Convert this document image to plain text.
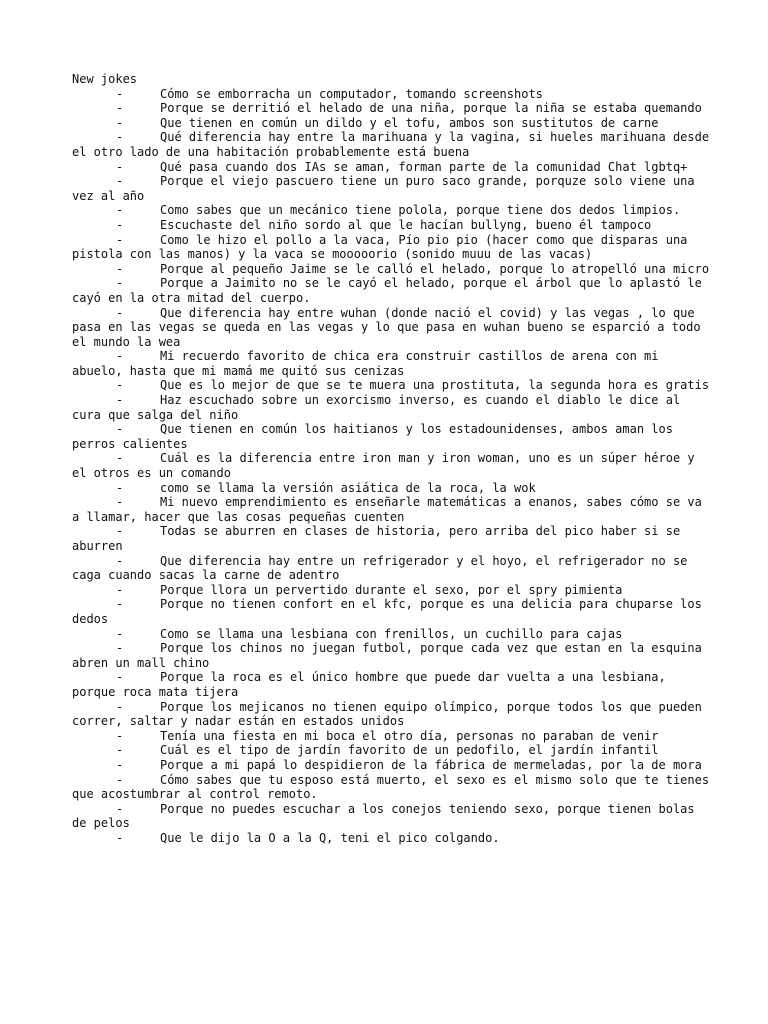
New jokes
-	Cómo se emborracha un computador, tomando screenshots
-	Porque se derritió el helado de una niña, porque la niña se estaba quemando
-	Que tienen en común un dildo y el tofu, ambos son sustitutos de carne
-	Qué diferencia hay entre la marihuana y la vagina, si hueles marihuana desde el otro lado de una habitación probablemente está buena
-	Qué pasa cuando dos IAs se aman, forman parte de la comunidad Chat lgbtq+
-	Porque el viejo pascuero tiene un puro saco grande, porquze solo viene una vez al año
-	Como sabes que un mecánico tiene polola, porque tiene dos dedos limpios.
-	Escuchaste del niño sordo al que le hacían bullyng, bueno él tampoco
-	Como le hizo el pollo a la vaca, Pío pio pio (hacer como que disparas una pistola con las manos) y la vaca se mooooorio (sonido muuu de las vacas)
-	Porque al pequeño Jaime se le calló el helado, porque lo atropelló una micro
-	Porque a Jaimito no se le cayó el helado, porque el árbol que lo aplastó le cayó en la otra mitad del cuerpo.
-	Que diferencia hay entre wuhan (donde nació el covid) y las vegas , lo que pasa en las vegas se queda en las vegas y lo que pasa en wuhan bueno se esparció a todo el mundo la wea
-	Mi recuerdo favorito de chica era construir castillos de arena con mi abuelo, hasta que mi mamá me quitó sus cenizas
-	Que es lo mejor de que se te muera una prostituta, la segunda hora es gratis
-	Haz escuchado sobre un exorcismo inverso, es cuando el diablo le dice al cura que salga del niño
-	Que tienen en común los haitianos y los estadounidenses, ambos aman los perros calientes
-	Cuál es la diferencia entre iron man y iron woman, uno es un súper héroe y el otros es un comando
-	como se llama la versión asiática de la roca, la wok
-	Mi nuevo emprendimiento es enseñarle matemáticas a enanos, sabes cómo se va a llamar, hacer que las cosas pequeñas cuenten
-	Todas se aburren en clases de historia, pero arriba del pico haber si se aburren
-	Que diferencia hay entre un refrigerador y el hoyo, el refrigerador no se caga cuando sacas la carne de adentro
-	Porque llora un pervertido durante el sexo, por el spry pimienta
-	Porque no tienen confort en el kfc, porque es una delicia para chuparse los dedos
-	Como se llama una lesbiana con frenillos, un cuchillo para cajas
-	Porque los chinos no juegan futbol, porque cada vez que estan en la esquina abren un mall chino
-	Porque la roca es el único hombre que puede dar vuelta a una lesbiana, porque roca mata tijera
-	Porque los mejicanos no tienen equipo olímpico, porque todos los que pueden correr, saltar y nadar están en estados unidos
-	Tenía una fiesta en mi boca el otro día, personas no paraban de venir
-	Cuál es el tipo de jardín favorito de un pedofilo, el jardín infantil
-	Porque a mi papá lo despidieron de la fábrica de mermeladas, por la de mora
-	Cómo sabes que tu esposo está muerto, el sexo es el mismo solo que te tienes que acostumbrar al control remoto.
-	Porque no puedes escuchar a los conejos teniendo sexo, porque tienen bolas de pelos
-	Que le dijo la O a la Q, teni el pico colgando.
